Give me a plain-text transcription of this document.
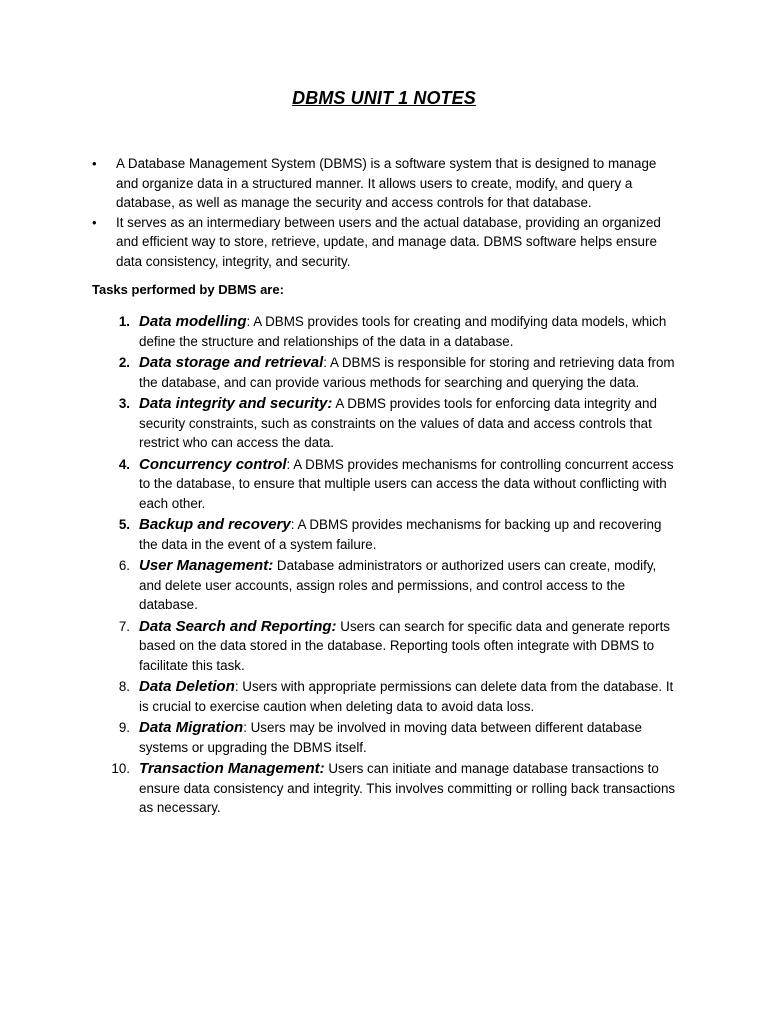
DBMS UNIT 1 NOTES
• A Database Management System (DBMS) is a software system that is designed to manage and organize data in a structured manner. It allows users to create, modify, and query a database, as well as manage the security and access controls for that database.
• It serves as an intermediary between users and the actual database, providing an organized and efficient way to store, retrieve, update, and manage data. DBMS software helps ensure data consistency, integrity, and security.
Tasks performed by DBMS are:
1. Data modelling: A DBMS provides tools for creating and modifying data models, which define the structure and relationships of the data in a database.
2. Data storage and retrieval: A DBMS is responsible for storing and retrieving data from the database, and can provide various methods for searching and querying the data.
3. Data integrity and security: A DBMS provides tools for enforcing data integrity and security constraints, such as constraints on the values of data and access controls that restrict who can access the data.
4. Concurrency control: A DBMS provides mechanisms for controlling concurrent access to the database, to ensure that multiple users can access the data without conflicting with each other.
5. Backup and recovery: A DBMS provides mechanisms for backing up and recovering the data in the event of a system failure.
6. User Management: Database administrators or authorized users can create, modify, and delete user accounts, assign roles and permissions, and control access to the database.
7. Data Search and Reporting: Users can search for specific data and generate reports based on the data stored in the database. Reporting tools often integrate with DBMS to facilitate this task.
8. Data Deletion: Users with appropriate permissions can delete data from the database. It is crucial to exercise caution when deleting data to avoid data loss.
9. Data Migration: Users may be involved in moving data between different database systems or upgrading the DBMS itself.
10. Transaction Management: Users can initiate and manage database transactions to ensure data consistency and integrity. This involves committing or rolling back transactions as necessary.
